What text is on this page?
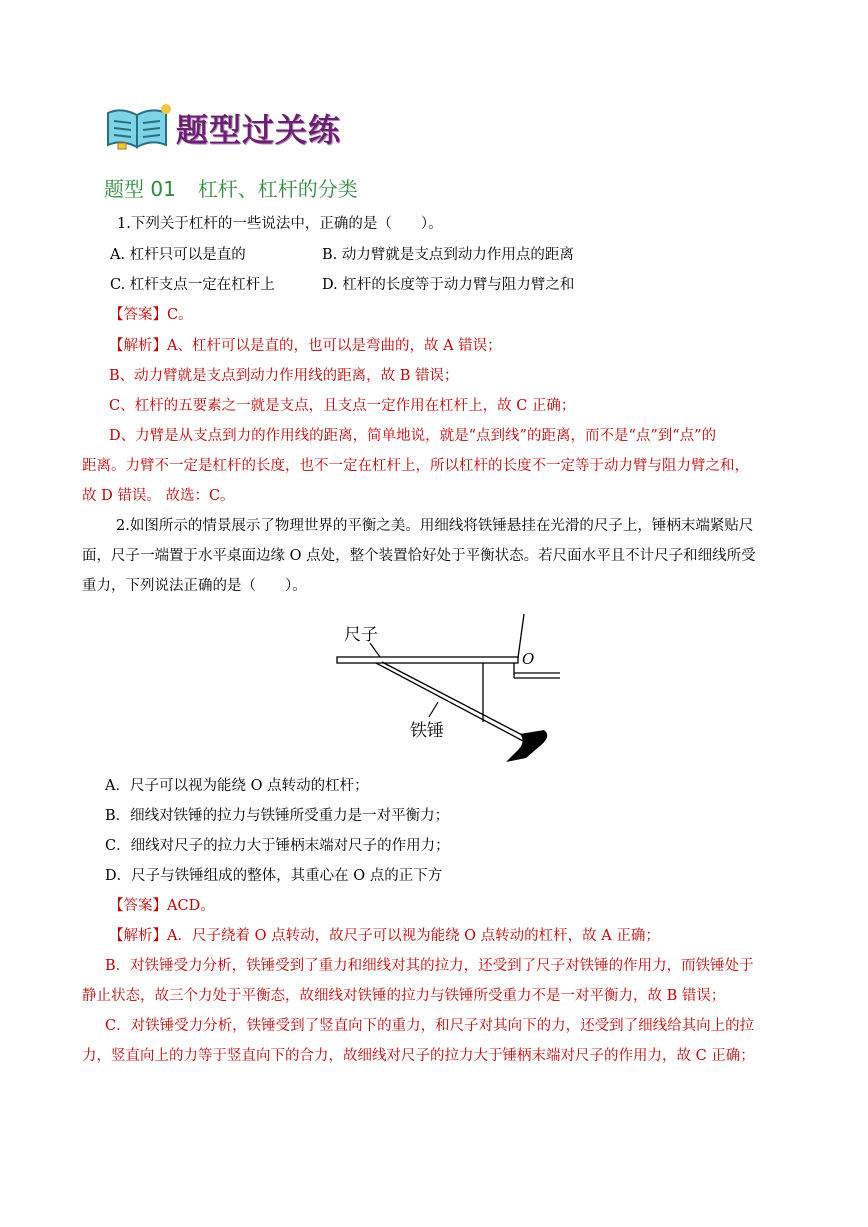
题型过关练
题型 01 杠杆、杠杆的分类
1.下列关于杠杆的一些说法中，正确的是（　　）。
A. 杠杆只可以是直的	B. 动力臂就是支点到动力作用点的距离
C. 杠杆支点一定在杠杆上	D. 杠杆的长度等于动力臂与阻力臂之和
【答案】C。
【解析】A、杠杆可以是直的，也可以是弯曲的，故 A 错误；
B、动力臂就是支点到动力作用线的距离，故 B 错误；
C、杠杆的五要素之一就是支点，且支点一定作用在杠杆上，故 C 正确；
D、力臂是从支点到力的作用线的距离，简单地说，就是“点到线”的距离，而不是“点”到“点”的
距离。力臂不一定是杠杆的长度，也不一定在杠杆上，所以杠杆的长度不一定等于动力臂与阻力臂之和，
故 D 错误。 故选：C。
2.如图所示的情景展示了物理世界的平衡之美。用细线将铁锤悬挂在光滑的尺子上，锤柄末端紧贴尺
面，尺子一端置于水平桌面边缘 O 点处，整个装置恰好处于平衡状态。若尺面水平且不计尺子和细线所受
重力，下列说法正确的是（　　）。
尺子
O
铁锤
A．尺子可以视为能绕 O 点转动的杠杆；
B．细线对铁锤的拉力与铁锤所受重力是一对平衡力；
C．细线对尺子的拉力大于锤柄末端对尺子的作用力；
D．尺子与铁锤组成的整体，其重心在 O 点的正下方
【答案】ACD。
【解析】A．尺子绕着 O 点转动，故尺子可以视为能绕 O 点转动的杠杆，故 A 正确；
B．对铁锤受力分析，铁锤受到了重力和细线对其的拉力，还受到了尺子对铁锤的作用力，而铁锤处于
静止状态，故三个力处于平衡态，故细线对铁锤的拉力与铁锤所受重力不是一对平衡力，故 B 错误；
C．对铁锤受力分析，铁锤受到了竖直向下的重力，和尺子对其向下的力，还受到了细线给其向上的拉
力，竖直向上的力等于竖直向下的合力，故细线对尺子的拉力大于锤柄末端对尺子的作用力，故 C 正确；
